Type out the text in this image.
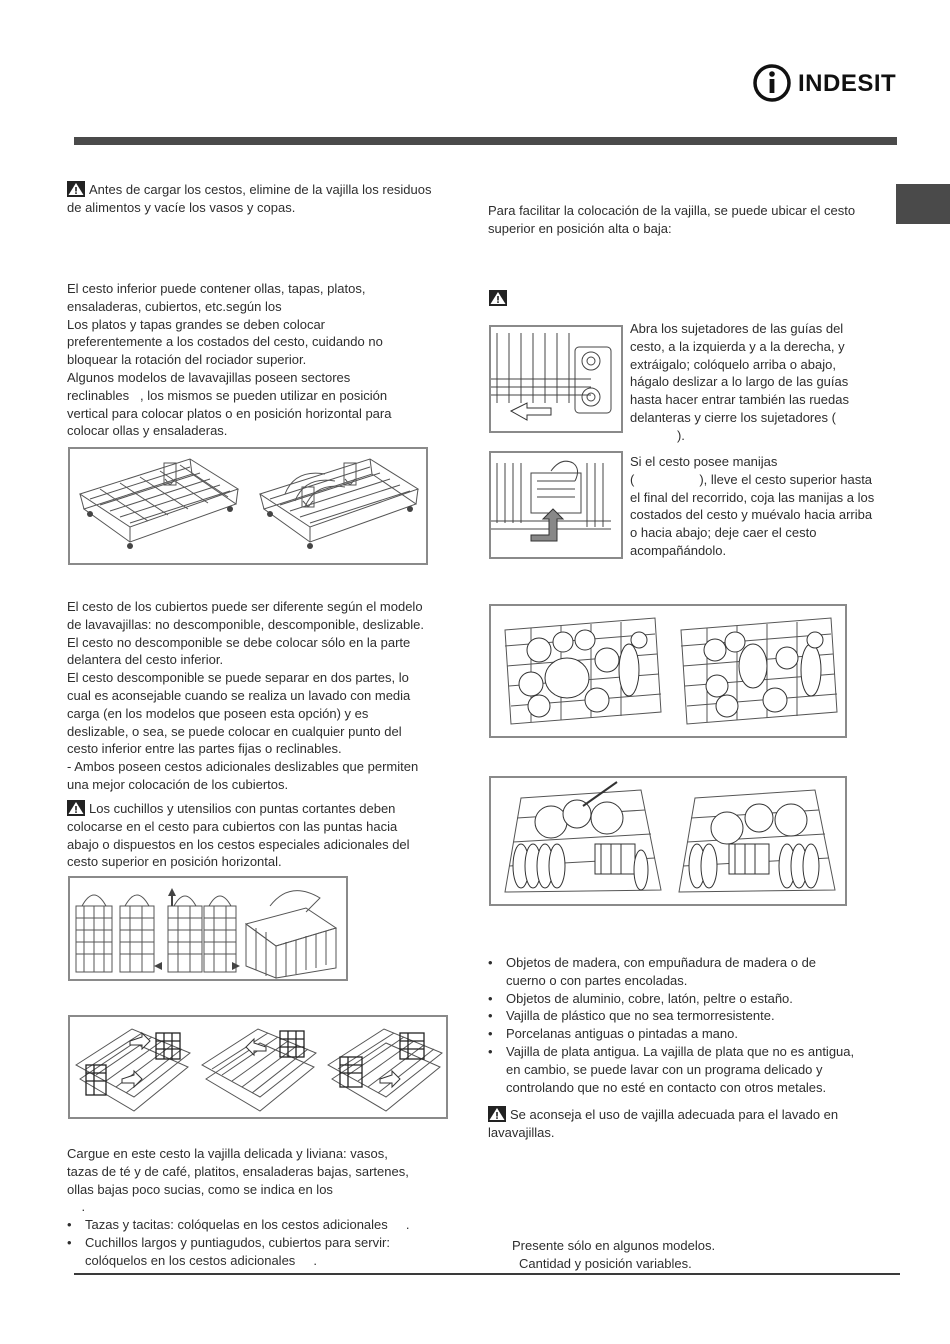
INDESIT
Antes de cargar los cestos, elimine de la vajilla los residuos de alimentos y vacíe los vasos y copas.
El cesto inferior puede contener ollas, tapas, platos,
ensaladeras, cubiertos, etc.según los
Los platos y tapas grandes se deben colocar
preferentemente a los costados del cesto, cuidando no
bloquear la rotación del rociador superior.
Algunos modelos de lavavajillas poseen sectores
reclinables   , los mismos se pueden utilizar en posición
vertical para colocar platos o en posición horizontal para
colocar ollas y ensaladeras.
El cesto de los cubiertos puede ser diferente según el modelo
de lavavajillas: no descomponible, descomponible, deslizable.
El cesto no descomponible se debe colocar sólo en la parte
delantera del cesto inferior.
El cesto descomponible se puede separar en dos partes, lo
cual es aconsejable cuando se realiza un lavado con media
carga (en los modelos que poseen esta opción) y es
deslizable, o sea, se puede colocar en cualquier punto del
cesto inferior entre las partes fijas o reclinables.
- Ambos poseen cestos adicionales deslizables que permiten
una mejor colocación de los cubiertos.
Los cuchillos y utensilios con puntas cortantes deben
colocarse en el cesto para cubiertos con las puntas hacia
abajo o dispuestos en los cestos especiales adicionales del
cesto superior en posición horizontal.
Cargue en este cesto la vajilla delicada y liviana: vasos,
tazas de té y de café, platitos, ensaladeras bajas, sartenes,
ollas bajas poco sucias, como se indica en los
.
• Tazas y tacitas: colóquelas en los cestos adicionales     .
• Cuchillos largos y puntiagudos, cubiertos para servir:
colóquelos en los cestos adicionales     .
Para facilitar la colocación de la vajilla, se puede ubicar el cesto
superior en posición alta o baja:
Abra los sujetadores de las guías del
cesto, a la izquierda y a la derecha, y
extráigalo; colóquelo arriba o abajo,
hágalo deslizar a lo largo de las guías
hasta hacer entrar también las ruedas
delanteras y cierre los sujetadores (
).
Si el cesto posee manijas
(                  ), lleve el cesto superior hasta
el final del recorrido, coja las manijas a los
costados del cesto y muévalo hacia arriba
o hacia abajo; deje caer el cesto
acompañándolo.
• Objetos de madera, con empuñadura de madera o de
cuerno o con partes encoladas.
• Objetos de aluminio, cobre, latón, peltre o estaño.
• Vajilla de plástico que no sea termorresistente.
• Porcelanas antiguas o pintadas a mano.
• Vajilla de plata antigua. La vajilla de plata que no es antigua,
en cambio, se puede lavar con un programa delicado y
controlando que no esté en contacto con otros metales.
Se aconseja el uso de vajilla adecuada para el lavado en
lavavajillas.
Presente sólo en algunos modelos.
Cantidad y posición variables.
